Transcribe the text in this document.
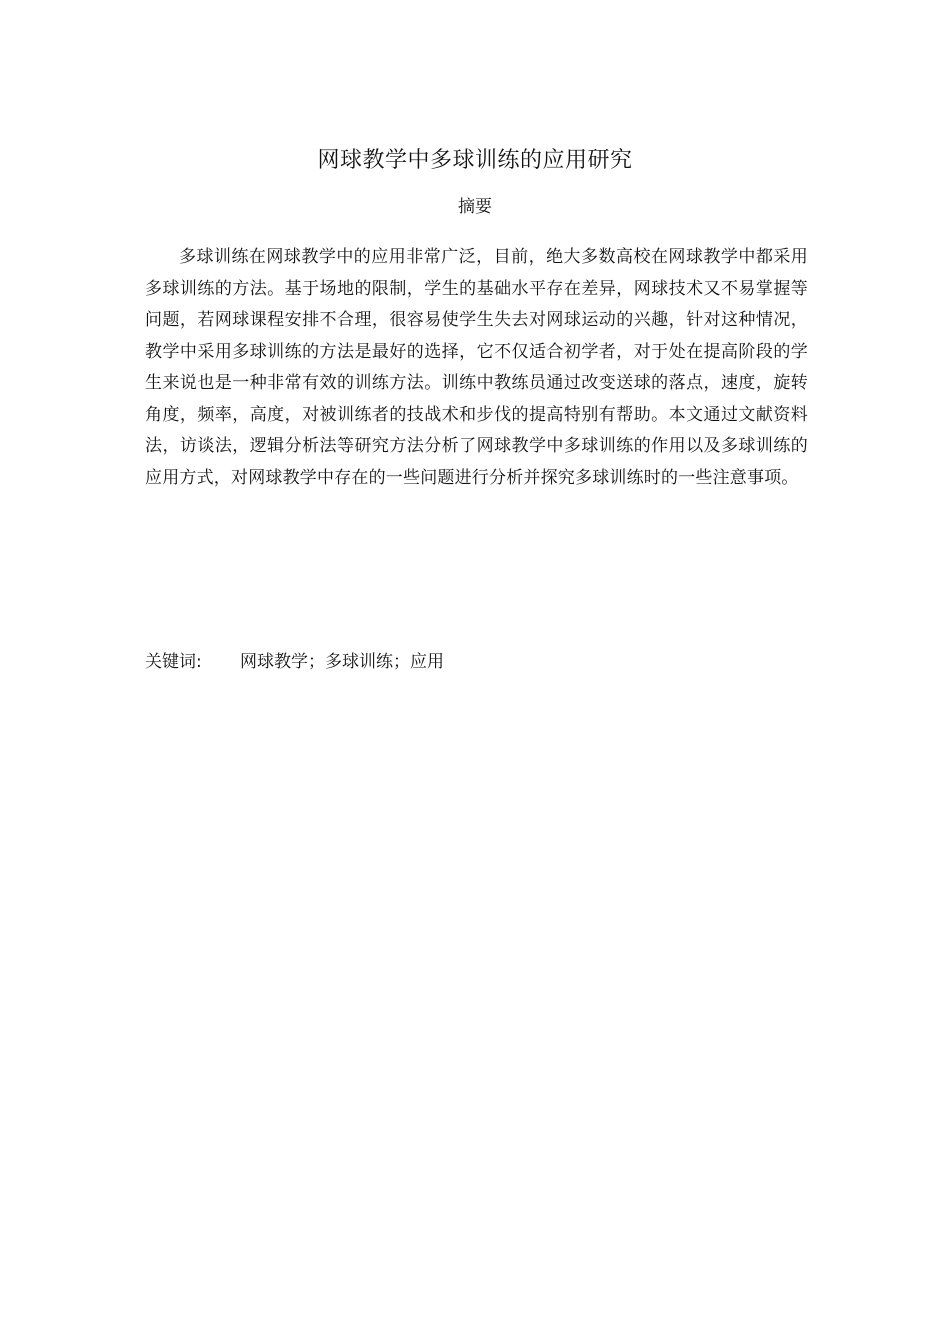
网球教学中多球训练的应用研究
摘要
多球训练在网球教学中的应用非常广泛，目前，绝大多数高校在网球教学中都采用多球训练的方法。基于场地的限制，学生的基础水平存在差异，网球技术又不易掌握等问题，若网球课程安排不合理，很容易使学生失去对网球运动的兴趣，针对这种情况，教学中采用多球训练的方法是最好的选择，它不仅适合初学者，对于处在提高阶段的学生来说也是一种非常有效的训练方法。训练中教练员通过改变送球的落点，速度，旋转角度，频率，高度，对被训练者的技战术和步伐的提高特别有帮助。本文通过文献资料法，访谈法，逻辑分析法等研究方法分析了网球教学中多球训练的作用以及多球训练的应用方式，对网球教学中存在的一些问题进行分析并探究多球训练时的一些注意事项。
关键词: 网球教学；多球训练；应用
